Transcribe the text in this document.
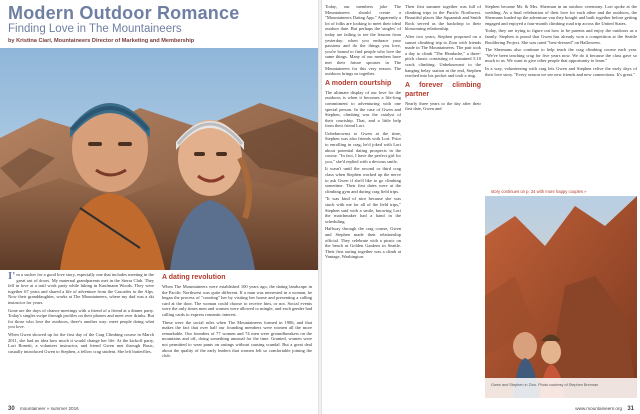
Modern Outdoor Romance
Finding Love in The Mountaineers
by Kristina Ciari, Mountaineers Director of Marketing and Membership

I'm a sucker for a good love story, especially one that includes meeting in the great out of doors. My maternal grandparents met in the Sierra Club. They fell in love at a trail work party while hiking in Kaufmann Woods. They were together 67 years and shared a life of adventure from the Cascades to the Alps. Now their granddaughter, works at The Mountaineers, where my dad was a ski instructor for years.

Gone are the days of chance meetings with a friend of a friend at a dinner party. Today's singles swipe through profiles on their phones and meet over drinks. But for those who love the outdoors, there's another way: meet people doing what you love.

When Gwen showed up for the first day of the Crag Climbing course in March 2011, she had no idea how much it would change her life. At the kickoff party, Lori Bonetti, a volunteer instructor, and friend Gwen met through Basic, casually introduced Gwen to Stephen, a fellow crag student. She left butterflies.

A dating revolution

When The Mountaineers were established 100 years ago, the dating landscape in the Pacific Northwest was quite different. If a man was interested in a woman, he began the process of "courting" her by visiting her house and presenting a calling card at the door. The woman could choose to receive him, or not. Social events were the only times men and women were allowed to mingle, and each gender had calling cards to express romantic interest.

These were the social rules when The Mountaineers formed in 1906, and that makes the fact that over half our founding members were women all the more remarkable. Our founders of 77 women and 74 men were groundbreakers on the mountains and off, doing something unusual for the time. Granted, women were not permitted to wear pants on outings without causing scandal. But a great deal about the quality of the early leaders that women felt so comfortable joining the club.

30 mountaineer » summer 2016

Today, our members joke The Mountaineers should create a "Mountaineers Dating App." Apparently a lot of folks are looking to meet their ideal outdoor date. But perhaps the 'singles' of today are failing to see the lessons from yesterday: when you embrace your passions and do the things you love, you're bound to find people who love the same things. Many of our members have met their future spouses in The Mountaineers for this very reason. The outdoors brings us together.

A modern courtship

The ultimate display of our love for the outdoors is when it becomes a life-long commitment to adventuring with one special person. In the case of Gwen and Stephen, climbing was the catalyst of their courtship. That, and a little help from their friend Lori.

Unbeknownst to Gwen at the time, Stephen was also friends with Lori. Prior to enrolling in crag, he'd joked with Lori about potential dating prospects in the course. "In fact, I have the perfect girl for you," she'd replied with a devious smile.

It wasn't until the second or third crag class when Stephen worked up the nerve to ask Gwen if she'd like to go climbing sometime. Their first dates were at the climbing gym and during crag field trips.

"It was kind of nice because she was stuck with me for all of the field trips," Stephen said with a smile, knowing Lori the matchmaker had a hand in the scheduling.

Halfway through the crag course, Gwen and Stephen made their relationship official. They celebrate with a picnic on the beach at Golden Gardens in Seattle. Their first outing together was a climb at Vantage, Washington.

Their first summer together was full of climbing trips in the Pacific Northwest. Beautiful places like Squamish and Smith Rock served as the backdrop to their blossoming relationship.

After two years, Stephen proposed on a sunset climbing trip to Zion with friends made in The Mountaineers. The pair took a day to climb "The Headache," a three-pitch classic consisting of sustained 5.10 crack climbing. Unbeknownst to the hanging belay station at the end, Stephen reached into his pocket and took a ring.

A forever climbing partner

Nearly three years to the day after their first date, Gwen and

Stephen became Mr. & Mrs. Sherman in an outdoor ceremony. Lori spoke at the wedding. As a final celebration of their love for each other and the outdoors, the Shermans loaded up the adventure van they bought and built together before getting engaged and enjoyed a four-month climbing road trip across the United States.

Today, they are trying to figure out how to be parents and enjoy the outdoors as a family. Stephen is proud that Gwen has already won a competition at the Seattle Bouldering Project. She was rated "best-dressed" on Halloween.

The Shermans also continue to help teach the crag climbing course each year. "We've been teaching crag for five years now. We do it because the class gave so much to us. We want to give other people that opportunity to learn."

In a way, volunteering with crag lets Gwen and Stephen relive the early days of their love story. "Every season we see new friends and new connections. It's great."

story continues on p. 34 with more happy couples »
Gwen and Stephen in Zion. Photo courtesy of Stephen Brennan
www.mountaineers.org 31
